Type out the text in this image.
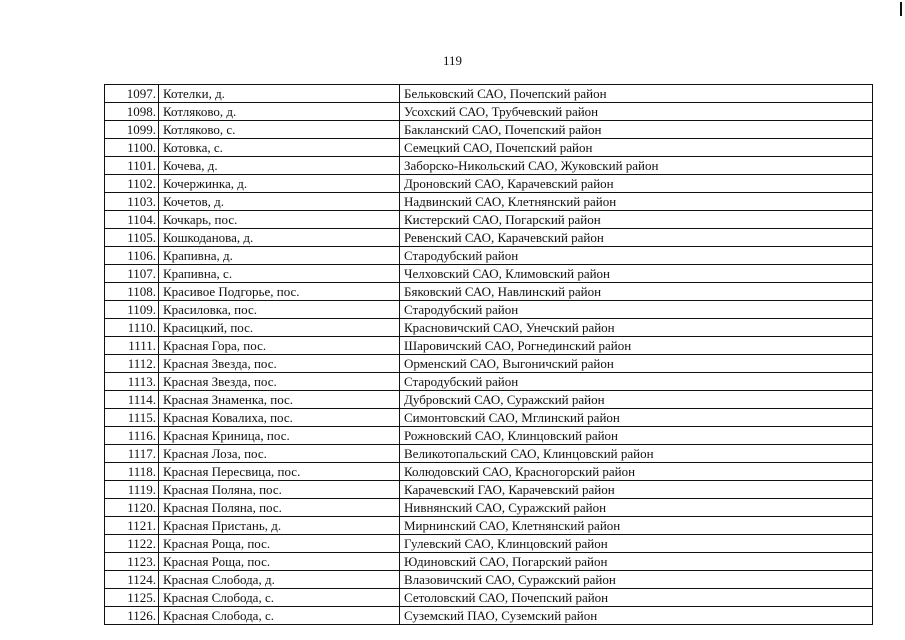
119
1097.	Котелки, д.	Бельковский САО, Почепский район
1098.	Котляково, д.	Усохский САО, Трубчевский район
1099.	Котляково, с.	Бакланский САО, Почепский район
1100.	Котовка, с.	Семецкий САО, Почепский район
1101.	Кочева, д.	Заборско-Никольский САО, Жуковский район
1102.	Кочержинка, д.	Дроновский САО, Карачевский район
1103.	Кочетов, д.	Надвинский САО, Клетнянский район
1104.	Кочкарь, пос.	Кистерский САО, Погарский район
1105.	Кошкоданова, д.	Ревенский САО, Карачевский район
1106.	Крапивна, д.	Стародубский район
1107.	Крапивна, с.	Челховский САО, Климовский район
1108.	Красивое Подгорье, пос.	Бяковский САО, Навлинский район
1109.	Красиловка, пос.	Стародубский район
1110.	Красицкий, пос.	Красновичский САО, Унечский район
1111.	Красная Гора, пос.	Шаровичский САО, Рогнединский район
1112.	Красная Звезда, пос.	Орменский САО, Выгоничский район
1113.	Красная Звезда, пос.	Стародубский район
1114.	Красная Знаменка, пос.	Дубровский САО, Суражский район
1115.	Красная Ковалиха, пос.	Симонтовский САО, Мглинский район
1116.	Красная Криница, пос.	Рожновский САО, Клинцовский район
1117.	Красная Лоза, пос.	Великотопальский САО, Клинцовский район
1118.	Красная Пересвица, пос.	Колюдовский САО, Красногорский район
1119.	Красная Поляна, пос.	Карачевский ГАО, Карачевский район
1120.	Красная Поляна, пос.	Нивнянский САО, Суражский район
1121.	Красная Пристань, д.	Мирнинский САО, Клетнянский район
1122.	Красная Роща, пос.	Гулевский САО, Клинцовский район
1123.	Красная Роща, пос.	Юдиновский САО, Погарский район
1124.	Красная Слобода, д.	Влазовичский САО, Суражский район
1125.	Красная Слобода, с.	Сетоловский САО, Почепский район
1126.	Красная Слобода, с.	Суземский ПАО, Суземский район
